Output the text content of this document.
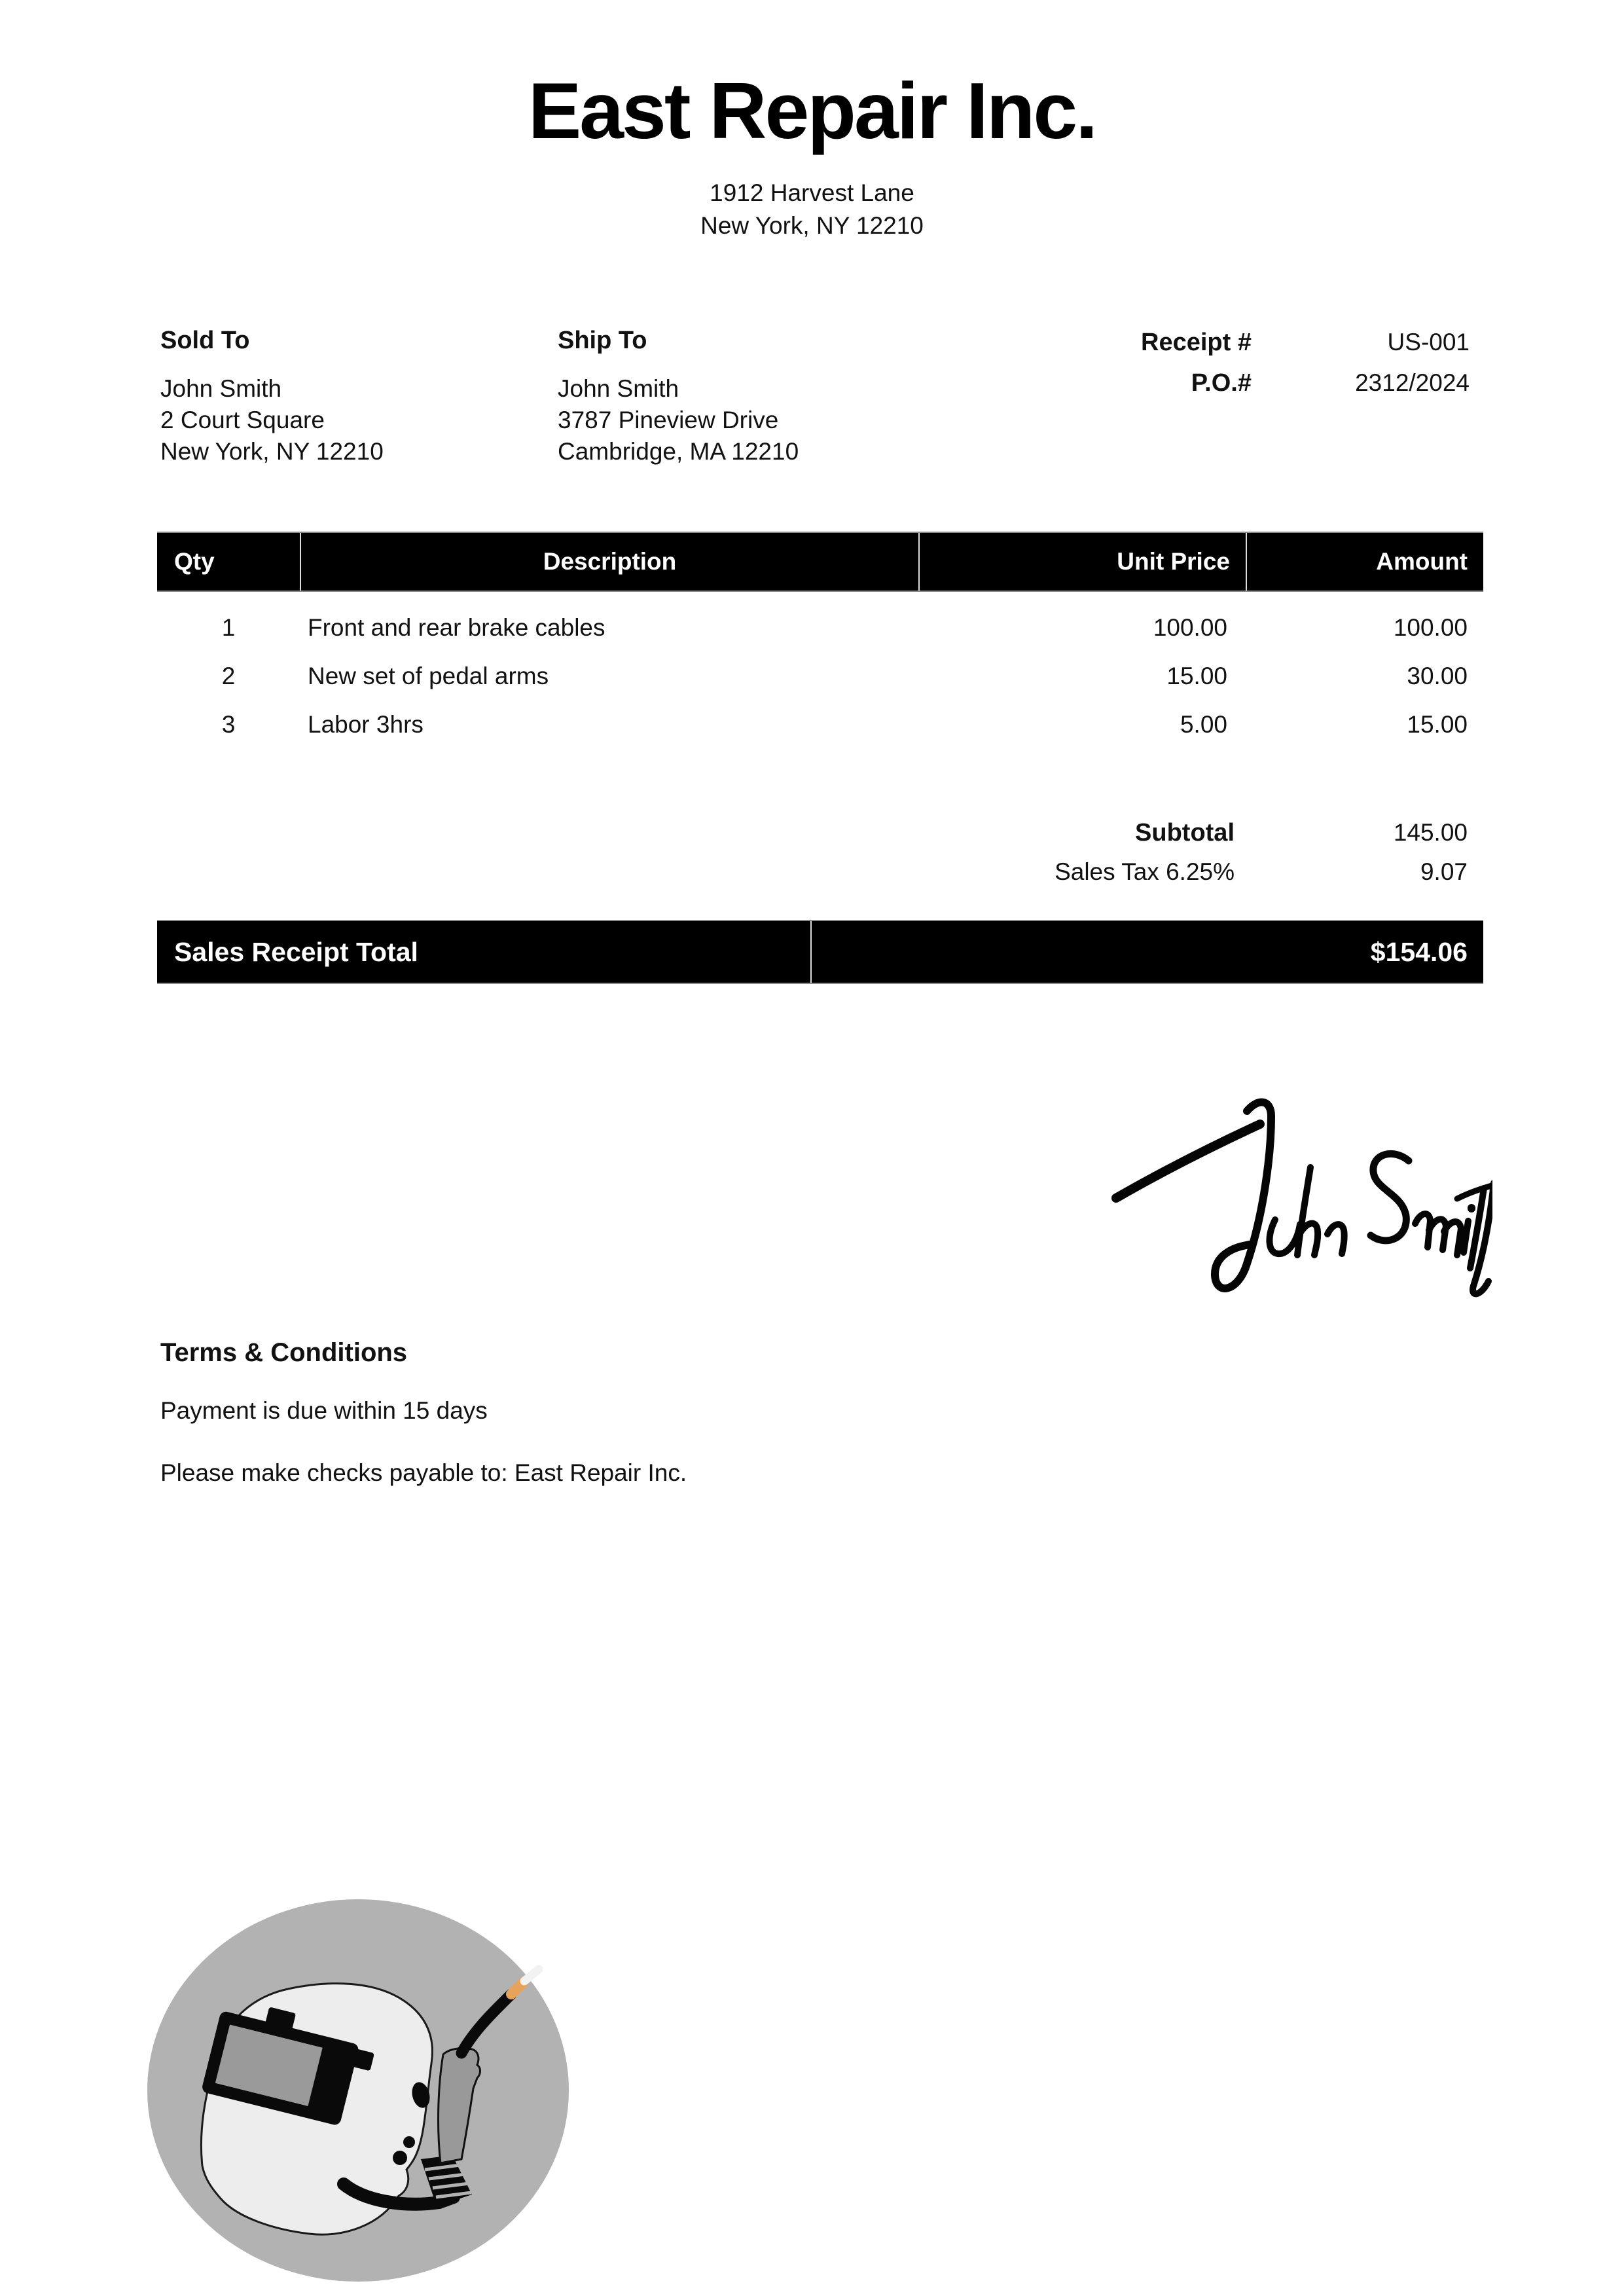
East Repair Inc.
1912 Harvest Lane
New York, NY 12210
Sold To
John Smith
2 Court Square
New York, NY 12210
Ship To
John Smith
3787 Pineview Drive
Cambridge, MA 12210
Receipt #	US-001
P.O.#	2312/2024
Qty	Description	Unit Price	Amount
1	Front and rear brake cables	100.00	100.00
2	New set of pedal arms	15.00	30.00
3	Labor 3hrs	5.00	15.00
Subtotal	145.00
Sales Tax 6.25%	9.07
Sales Receipt Total	$154.06
Terms & Conditions
Payment is due within 15 days
Please make checks payable to: East Repair Inc.
